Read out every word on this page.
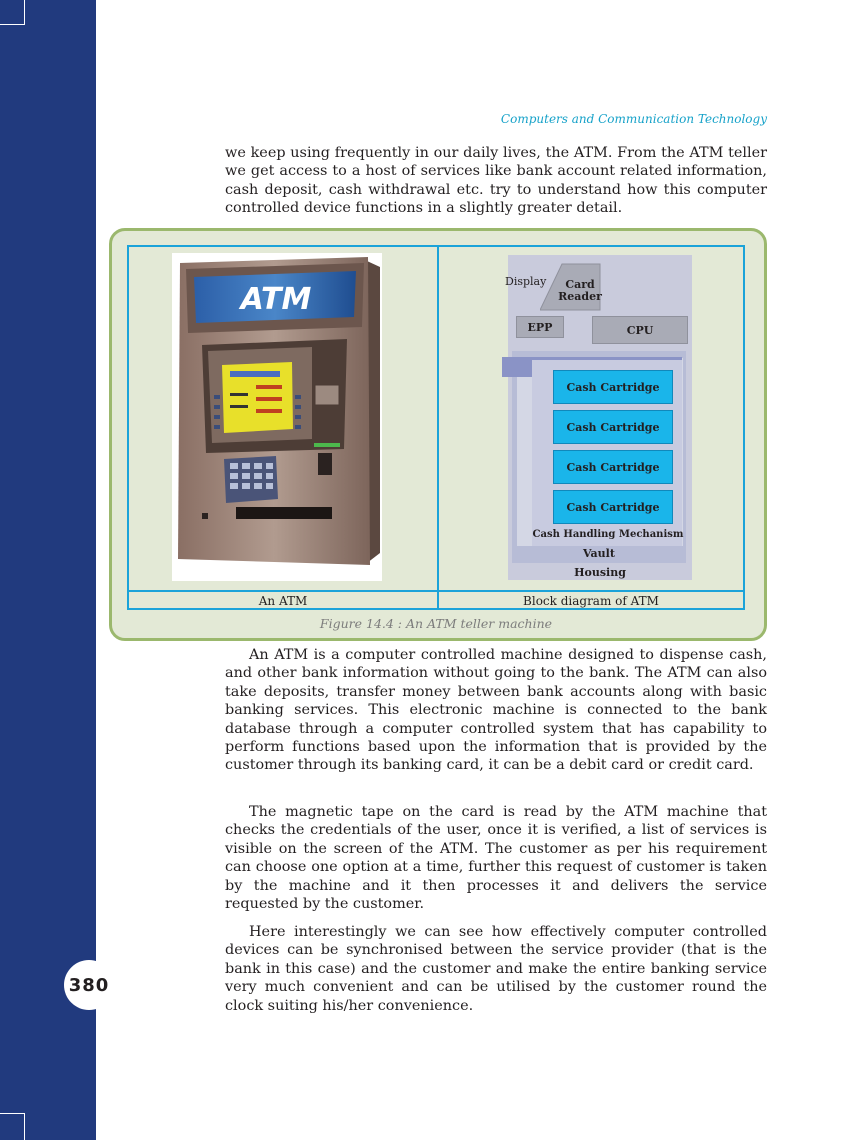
380
Computers and Communication Technology

we keep using frequently in our daily lives, the ATM. From the ATM teller we get access to a host of services like bank account related information, cash deposit, cash withdrawal etc. try to understand how this computer controlled device functions in a slightly greater detail.

ATM
Display	Card
Reader
EPP	CPU
Cash Cartridge
Cash Cartridge
Cash Cartridge
Cash Cartridge
Cash Handling Mechanism
Vault
Housing
An ATM	Block diagram of ATM
Figure 14.4 : An ATM teller machine

An ATM is a computer controlled machine designed to dispense cash, and other bank information without going to the bank. The ATM can also take deposits, transfer money between bank accounts along with basic banking services. This electronic machine is connected to the bank database through a computer controlled system that has capability to perform functions based upon the information that is provided by the customer through its banking card, it can be a debit card or credit card.

The magnetic tape on the card is read by the ATM machine that checks the credentials of the user, once it is verified, a list of services is visible on the screen of the ATM. The customer as per his requirement can choose one option at a time, further this request of customer is taken by the machine and it then processes it and delivers the service requested by the customer.

Here interestingly we can see how effectively computer controlled devices can be synchronised between the service provider (that is the bank in this case) and the customer and make the entire banking service very much convenient and can be utilised by the customer round the clock suiting his/her convenience.
